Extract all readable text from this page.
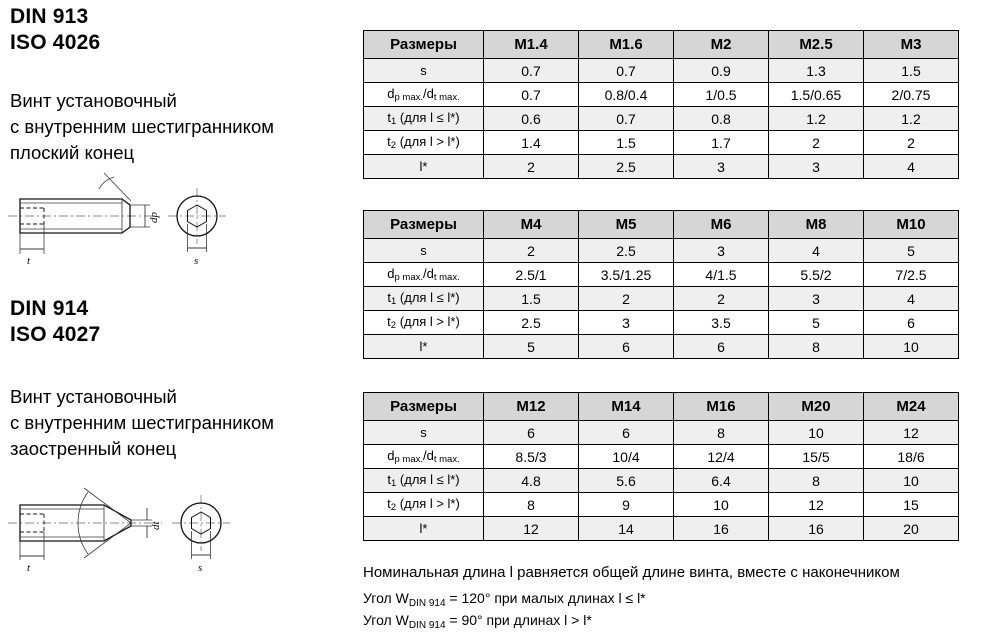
DIN 913
ISO 4026
Винт установочный
с внутренним шестигранником
плоский конец
t
dp
s
DIN 914
ISO 4027
Винт установочный
с внутренним шестигранником
заостренный конец
t
dt
s
Размеры	M1.4	M1.6	M2	M2.5	M3
s	0.7	0.7	0.9	1.3	1.5
$d_{p max.}/d_{t max.}$	0.7	0.8/0.4	1/0.5	1.5/0.65	2/0.75
$t_1$ (для l ≤ l*)	0.6	0.7	0.8	1.2	1.2
$t_2$ (для l > l*)	1.4	1.5	1.7	2	2
l*	2	2.5	3	3	4
Размеры	M4	M5	M6	M8	M10
s	2	2.5	3	4	5
$d_{p max.}/d_{t max.}$	2.5/1	3.5/1.25	4/1.5	5.5/2	7/2.5
$t_1$ (для l ≤ l*)	1.5	2	2	3	4
$t_2$ (для l > l*)	2.5	3	3.5	5	6
l*	5	6	6	8	10
Размеры	M12	M14	M16	M20	M24
s	6	6	8	10	12
$d_{p max.}/d_{t max.}$	8.5/3	10/4	12/4	15/5	18/6
$t_1$ (для l ≤ l*)	4.8	5.6	6.4	8	10
$t_2$ (для l > l*)	8	9	10	12	15
l*	12	14	16	16	20

Номинальная длина l равняется общей длине винта, вместе с наконечником

Угол $W_{DIN 914} = 120^\circ$ при малых длинах l ≤ l*

Угол $W_{DIN 914} = 90^\circ$ при длинах l > l*
